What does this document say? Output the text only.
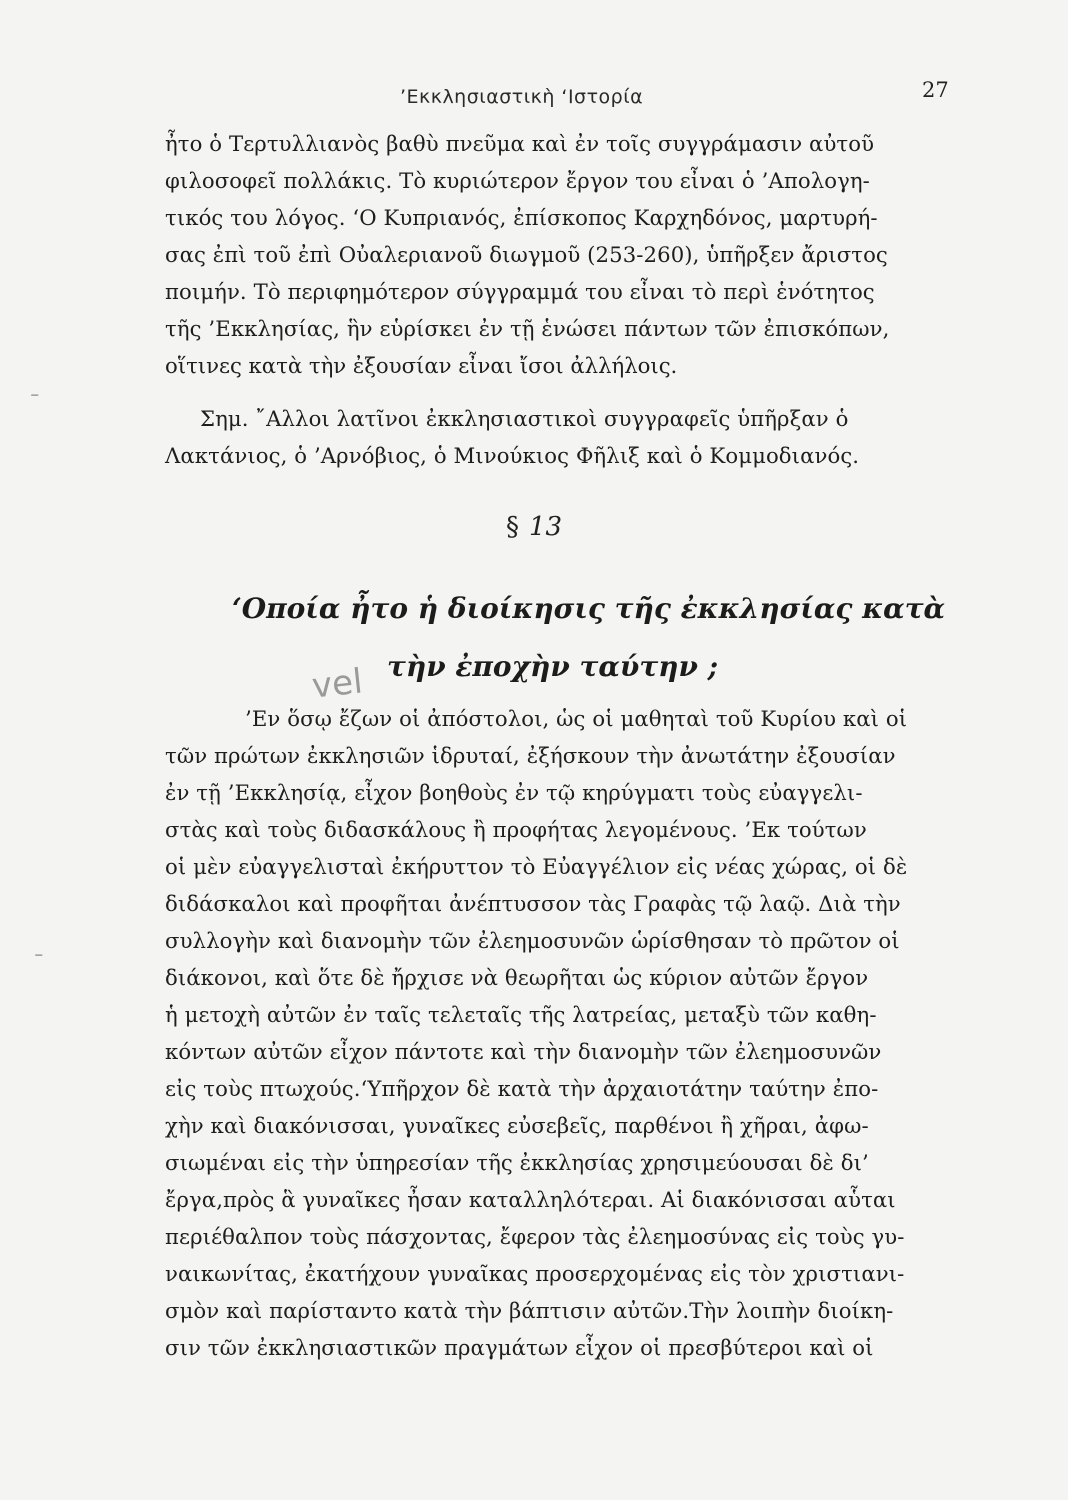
’Εκκλησιαστικὴ ‘Ιστορία	27
ἦτο ὁ Τερτυλλιανὸς βαθὺ πνεῦμα καὶ ἐν τοῖς συγγράμασιν αὐτοῦ
φιλοσοφεῖ πολλάκις. Τὸ κυριώτερον ἔργον του εἶναι ὁ ’Απολογη-
τικός του λόγος. ‘Ο Κυπριανός, ἐπίσκοπος Καρχηδόνος, μαρτυρή-
σας ἐπὶ τοῦ ἐπὶ Οὐαλεριανοῦ διωγμοῦ (253-260), ὑπῆρξεν ἄριστος
ποιμήν. Τὸ περιφημότερον σύγγραμμά του εἶναι τὸ περὶ ἑνότητος
τῆς ’Εκκλησίας, ἣν εὑρίσκει ἐν τῇ ἑνώσει πάντων τῶν ἐπισκόπων,
οἵτινες κατὰ τὴν ἐξουσίαν εἶναι ἴσοι ἀλλήλοις.
⁻
Σημ. ῎Αλλοι λατῖνοι ἐκκλησιαστικοὶ συγγραφεῖς ὑπῆρξαν ὁ
Λακτάνιος, ὁ ’Αρνόβιος, ὁ Μινούκιος Φῆλιξ καὶ ὁ Κομμοδιανός.
§ 13
‘Οποία ἦτο ἡ διοίκησις τῆς ἐκκλησίας κατὰ
τὴν ἐποχὴν ταύτην ;
vel
⁻
’Εν ὅσῳ ἔζων οἱ ἀπόστολοι, ὡς οἱ μαθηταὶ τοῦ Κυρίου καὶ οἱ
τῶν πρώτων ἐκκλησιῶν ἱδρυταί, ἐξήσκουν τὴν ἀνωτάτην ἐξουσίαν
ἐν τῇ ’Εκκλησίᾳ, εἶχον βοηθοὺς ἐν τῷ κηρύγματι τοὺς εὐαγγελι-
στὰς καὶ τοὺς διδασκάλους ἢ προφήτας λεγομένους. ’Εκ τούτων
οἱ μὲν εὐαγγελισταὶ ἐκήρυττον τὸ Εὐαγγέλιον εἰς νέας χώρας, οἱ δὲ
διδάσκαλοι καὶ προφῆται ἀνέπτυσσον τὰς Γραφὰς τῷ λαῷ. Διὰ τὴν
συλλογὴν καὶ διανομὴν τῶν ἐλεημοσυνῶν ὡρίσθησαν τὸ πρῶτον οἱ
διάκονοι, καὶ ὅτε δὲ ἤρχισε νὰ θεωρῆται ὡς κύριον αὐτῶν ἔργον
ἡ μετοχὴ αὐτῶν ἐν ταῖς τελεταῖς τῆς λατρείας, μεταξὺ τῶν καθη-
κόντων αὐτῶν εἶχον πάντοτε καὶ τὴν διανομὴν τῶν ἐλεημοσυνῶν
εἰς τοὺς πτωχούς.‘Υπῆρχον δὲ κατὰ τὴν ἀρχαιοτάτην ταύτην ἐπο-
χὴν καὶ διακόνισσαι, γυναῖκες εὐσεβεῖς, παρθένοι ἢ χῆραι, ἀφω-
σιωμέναι εἰς τὴν ὑπηρεσίαν τῆς ἐκκλησίας χρησιμεύουσαι δὲ δι’
ἔργα,πρὸς ἃ γυναῖκες ἦσαν καταλληλότεραι. Αἱ διακόνισσαι αὗται
περιέθαλπον τοὺς πάσχοντας, ἔφερον τὰς ἐλεημοσύνας εἰς τοὺς γυ-
ναικωνίτας, ἐκατήχουν γυναῖκας προσερχομένας εἰς τὸν χριστιανι-
σμὸν καὶ παρίσταντο κατὰ τὴν βάπτισιν αὐτῶν.Τὴν λοιπὴν διοίκη-
σιν τῶν ἐκκλησιαστικῶν πραγμάτων εἶχον οἱ πρεσβύτεροι καὶ οἱ
